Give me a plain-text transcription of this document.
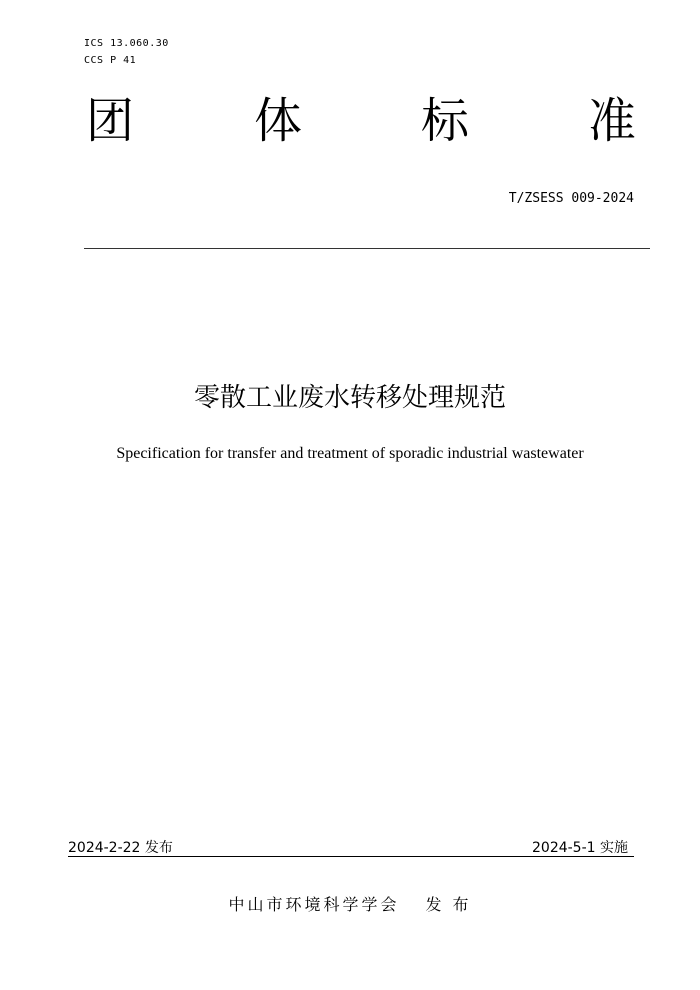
ICS 13.060.30
CCS P 41
团 体 标 准
T/ZSESS 009-2024
零散工业废水转移处理规范
Specification for transfer and treatment of sporadic industrial wastewater
2024-2-22 发布	2024-5-1 实施
中山市环境科学学会 发 布
